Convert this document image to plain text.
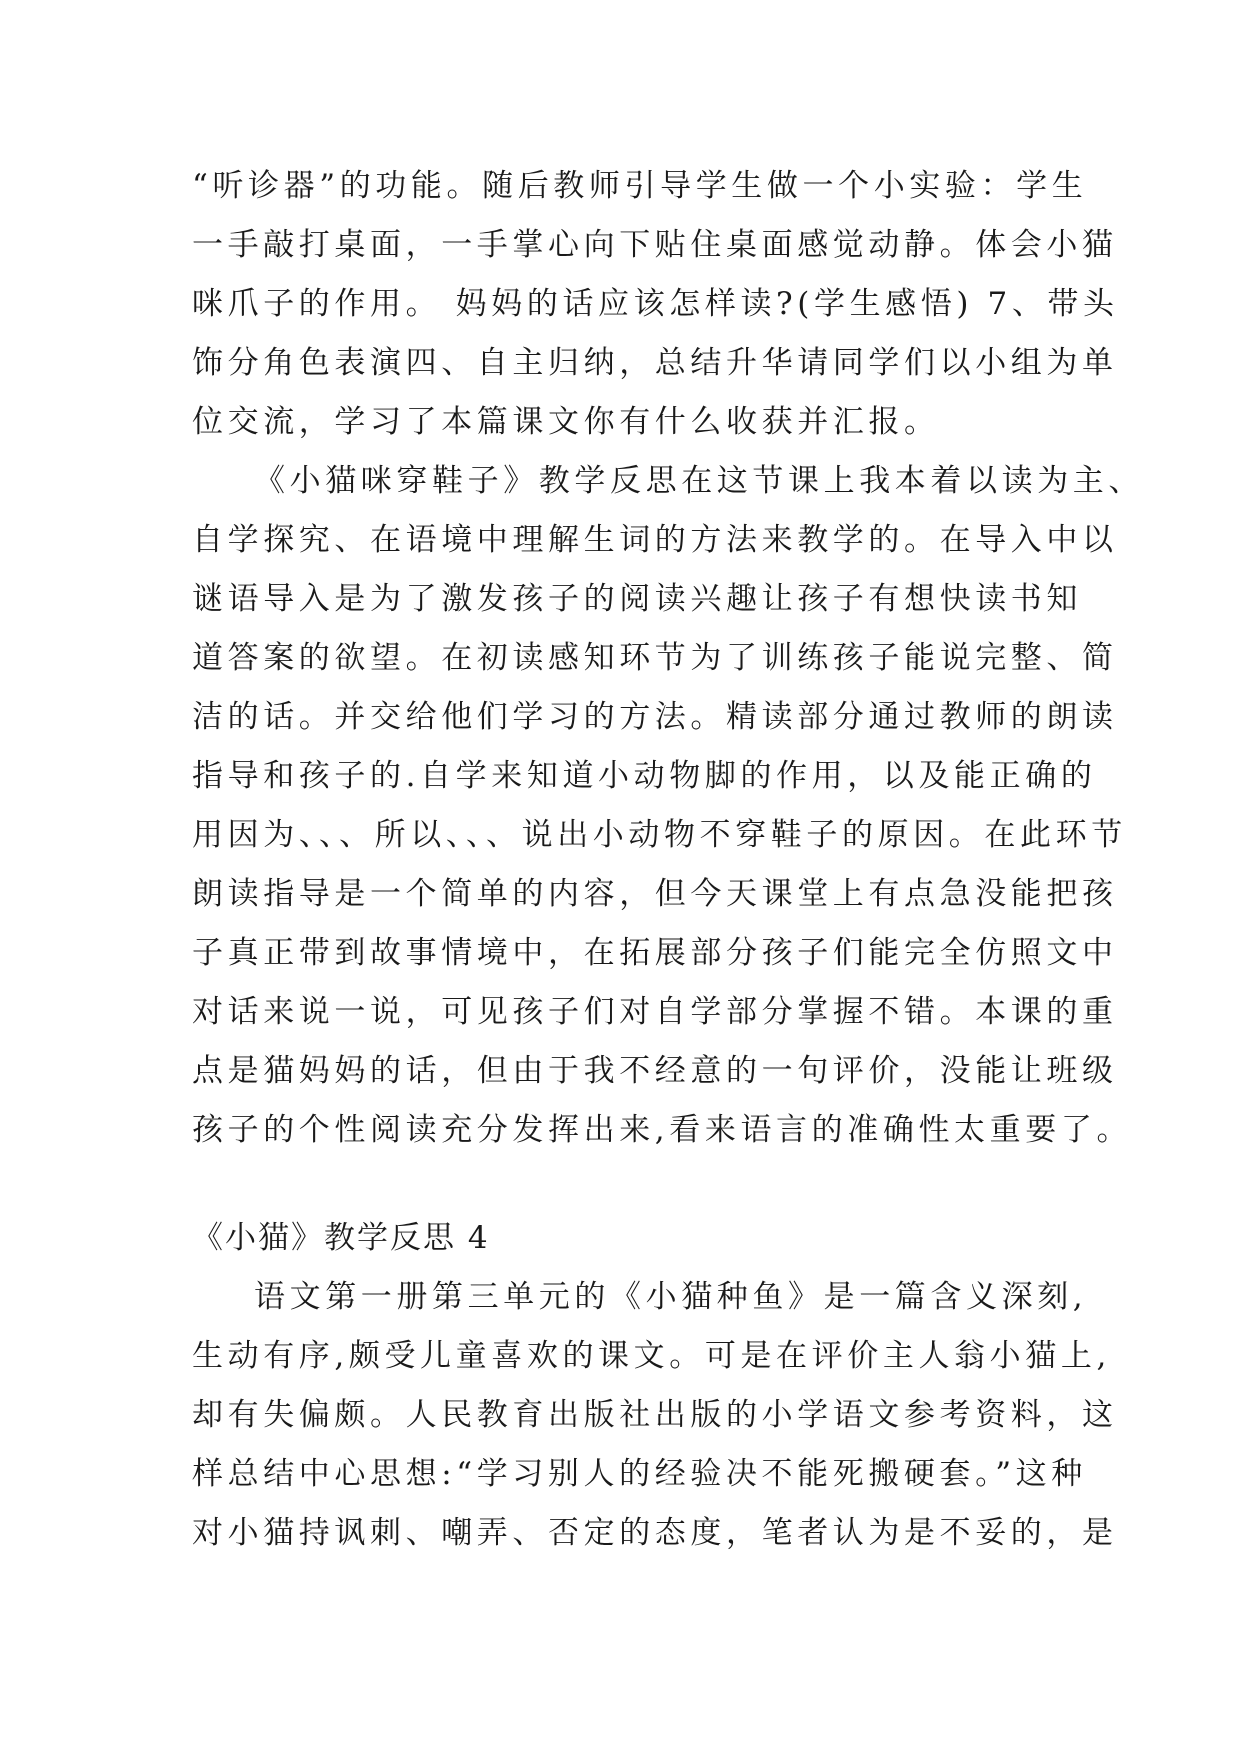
“听诊器”的功能。随后教师引导学生做一个小实验：学生
一手敲打桌面，一手掌心向下贴住桌面感觉动静。体会小猫
咪爪子的作用。 妈妈的话应该怎样读?(学生感悟) 7、带头
饰分角色表演四、自主归纳，总结升华请同学们以小组为单
位交流，学习了本篇课文你有什么收获并汇报。
《小猫咪穿鞋子》教学反思在这节课上我本着以读为主、
自学探究、在语境中理解生词的方法来教学的。在导入中以
谜语导入是为了激发孩子的阅读兴趣让孩子有想快读书知
道答案的欲望。在初读感知环节为了训练孩子能说完整、简
洁的话。并交给他们学习的方法。精读部分通过教师的朗读
指导和孩子的.自学来知道小动物脚的作用，以及能正确的
用因为、、、所以、、、说出小动物不穿鞋子的原因。在此环节
朗读指导是一个简单的内容，但今天课堂上有点急没能把孩
子真正带到故事情境中，在拓展部分孩子们能完全仿照文中
对话来说一说，可见孩子们对自学部分掌握不错。本课的重
点是猫妈妈的话，但由于我不经意的一句评价，没能让班级
孩子的个性阅读充分发挥出来,看来语言的准确性太重要了。
《小猫》教学反思 4
语文第一册第三单元的《小猫种鱼》是一篇含义深刻,
生动有序,颇受儿童喜欢的课文。可是在评价主人翁小猫上,
却有失偏颇。人民教育出版社出版的小学语文参考资料，这
样总结中心思想:“学习别人的经验决不能死搬硬套。”这种
对小猫持讽刺、嘲弄、否定的态度，笔者认为是不妥的，是
